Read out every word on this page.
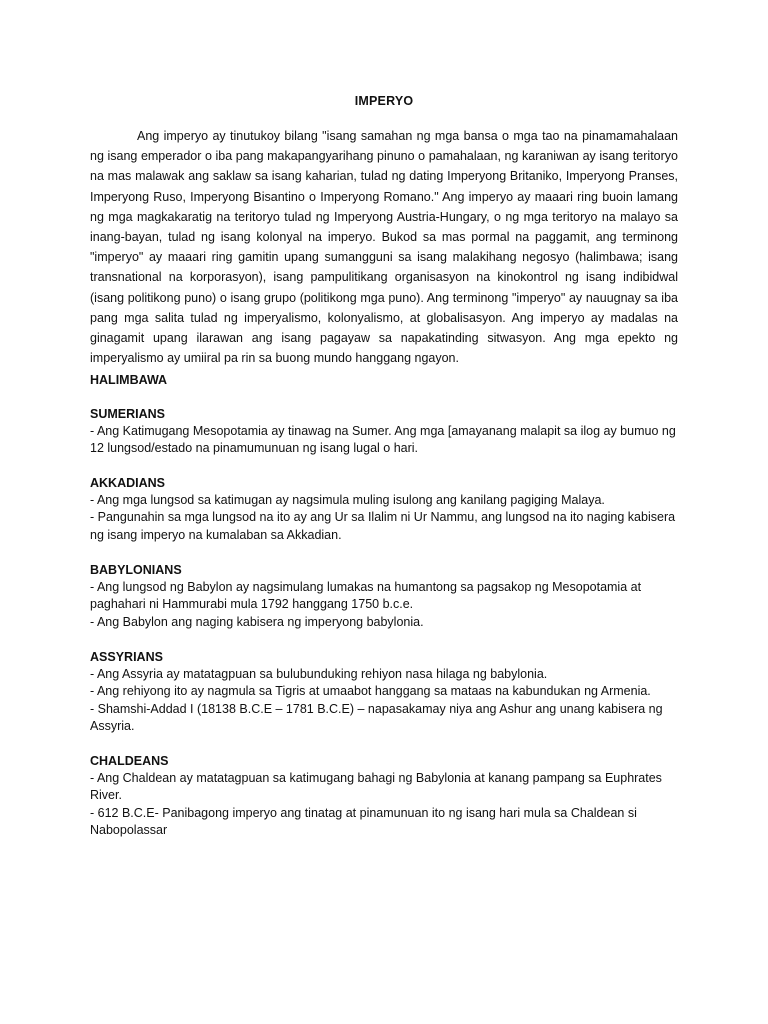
IMPERYO

Ang imperyo ay tinutukoy bilang "isang samahan ng mga bansa o mga tao na pinamamahalaan ng isang emperador o iba pang makapangyarihang pinuno o pamahalaan, ng karaniwan ay isang teritoryo na mas malawak ang saklaw sa isang kaharian, tulad ng dating Imperyong Britaniko, Imperyong Pranses, Imperyong Ruso, Imperyong Bisantino o Imperyong Romano." Ang imperyo ay maaari ring buoin lamang ng mga magkakaratig na teritoryo tulad ng Imperyong Austria-Hungary, o ng mga teritoryo na malayo sa inang-bayan, tulad ng isang kolonyal na imperyo. Bukod sa mas pormal na paggamit, ang terminong "imperyo" ay maaari ring gamitin upang sumangguni sa isang malakihang negosyo (halimbawa; isang transnational na korporasyon), isang pampulitikang organisasyon na kinokontrol ng isang indibidwal (isang politikong puno) o isang grupo (politikong mga puno). Ang terminong "imperyo" ay nauugnay sa iba pang mga salita tulad ng imperyalismo, kolonyalismo, at globalisasyon. Ang imperyo ay madalas na ginagamit upang ilarawan ang isang pagayaw sa napakatinding sitwasyon. Ang mga epekto ng imperyalismo ay umiiral pa rin sa buong mundo hanggang ngayon.

HALIMBAWA

SUMERIANS

- Ang Katimugang Mesopotamia ay tinawag na Sumer. Ang mga [amayanang malapit sa ilog ay bumuo ng 12 lungsod/estado na pinamumunuan ng isang lugal o hari.

AKKADIANS

- Ang mga lungsod sa katimugan ay nagsimula muling isulong ang kanilang pagiging Malaya.
- Pangunahin sa mga lungsod na ito ay ang Ur sa Ilalim ni Ur Nammu, ang lungsod na ito naging kabisera ng isang imperyo na kumalaban sa Akkadian.

BABYLONIANS

- Ang lungsod ng Babylon ay nagsimulang lumakas na humantong sa pagsakop ng Mesopotamia at paghahari ni Hammurabi mula 1792 hanggang 1750 b.c.e.
- Ang Babylon ang naging kabisera ng imperyong babylonia.

ASSYRIANS

- Ang Assyria ay matatagpuan sa bulubunduking rehiyon nasa hilaga ng babylonia.
- Ang rehiyong ito ay nagmula sa Tigris at umaabot hanggang sa mataas na kabundukan ng Armenia.
- Shamshi-Addad I (18138 B.C.E – 1781 B.C.E) – napasakamay niya ang Ashur ang unang kabisera ng Assyria.

CHALDEANS

- Ang Chaldean ay matatagpuan sa katimugang bahagi ng Babylonia at kanang pampang sa Euphrates River.
- 612 B.C.E- Panibagong imperyo ang tinatag at pinamunuan ito ng isang hari mula sa Chaldean si Nabopolassar
